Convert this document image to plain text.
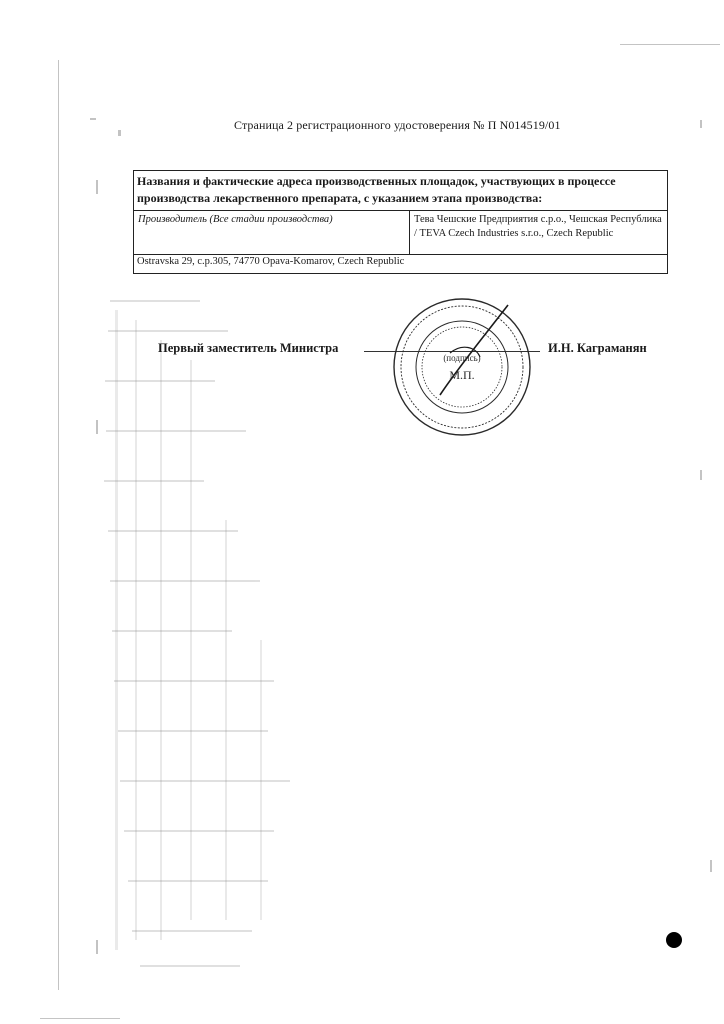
Страница 2 регистрационного удостоверения № П N014519/01
Названия и фактические адреса производственных площадок, участвующих в процессе производства лекарственного препарата, с указанием этапа производства:
Производитель (Все стадии производства)	Тева Чешские Предприятия с.р.о., Чешская Республика / TEVA Czech Industries s.r.o., Czech Republic
Ostravska 29, c.p.305, 74770 Opava-Komarov, Czech Republic
Первый заместитель Министра	И.Н. Каграманян
(подпись)
М.П.
